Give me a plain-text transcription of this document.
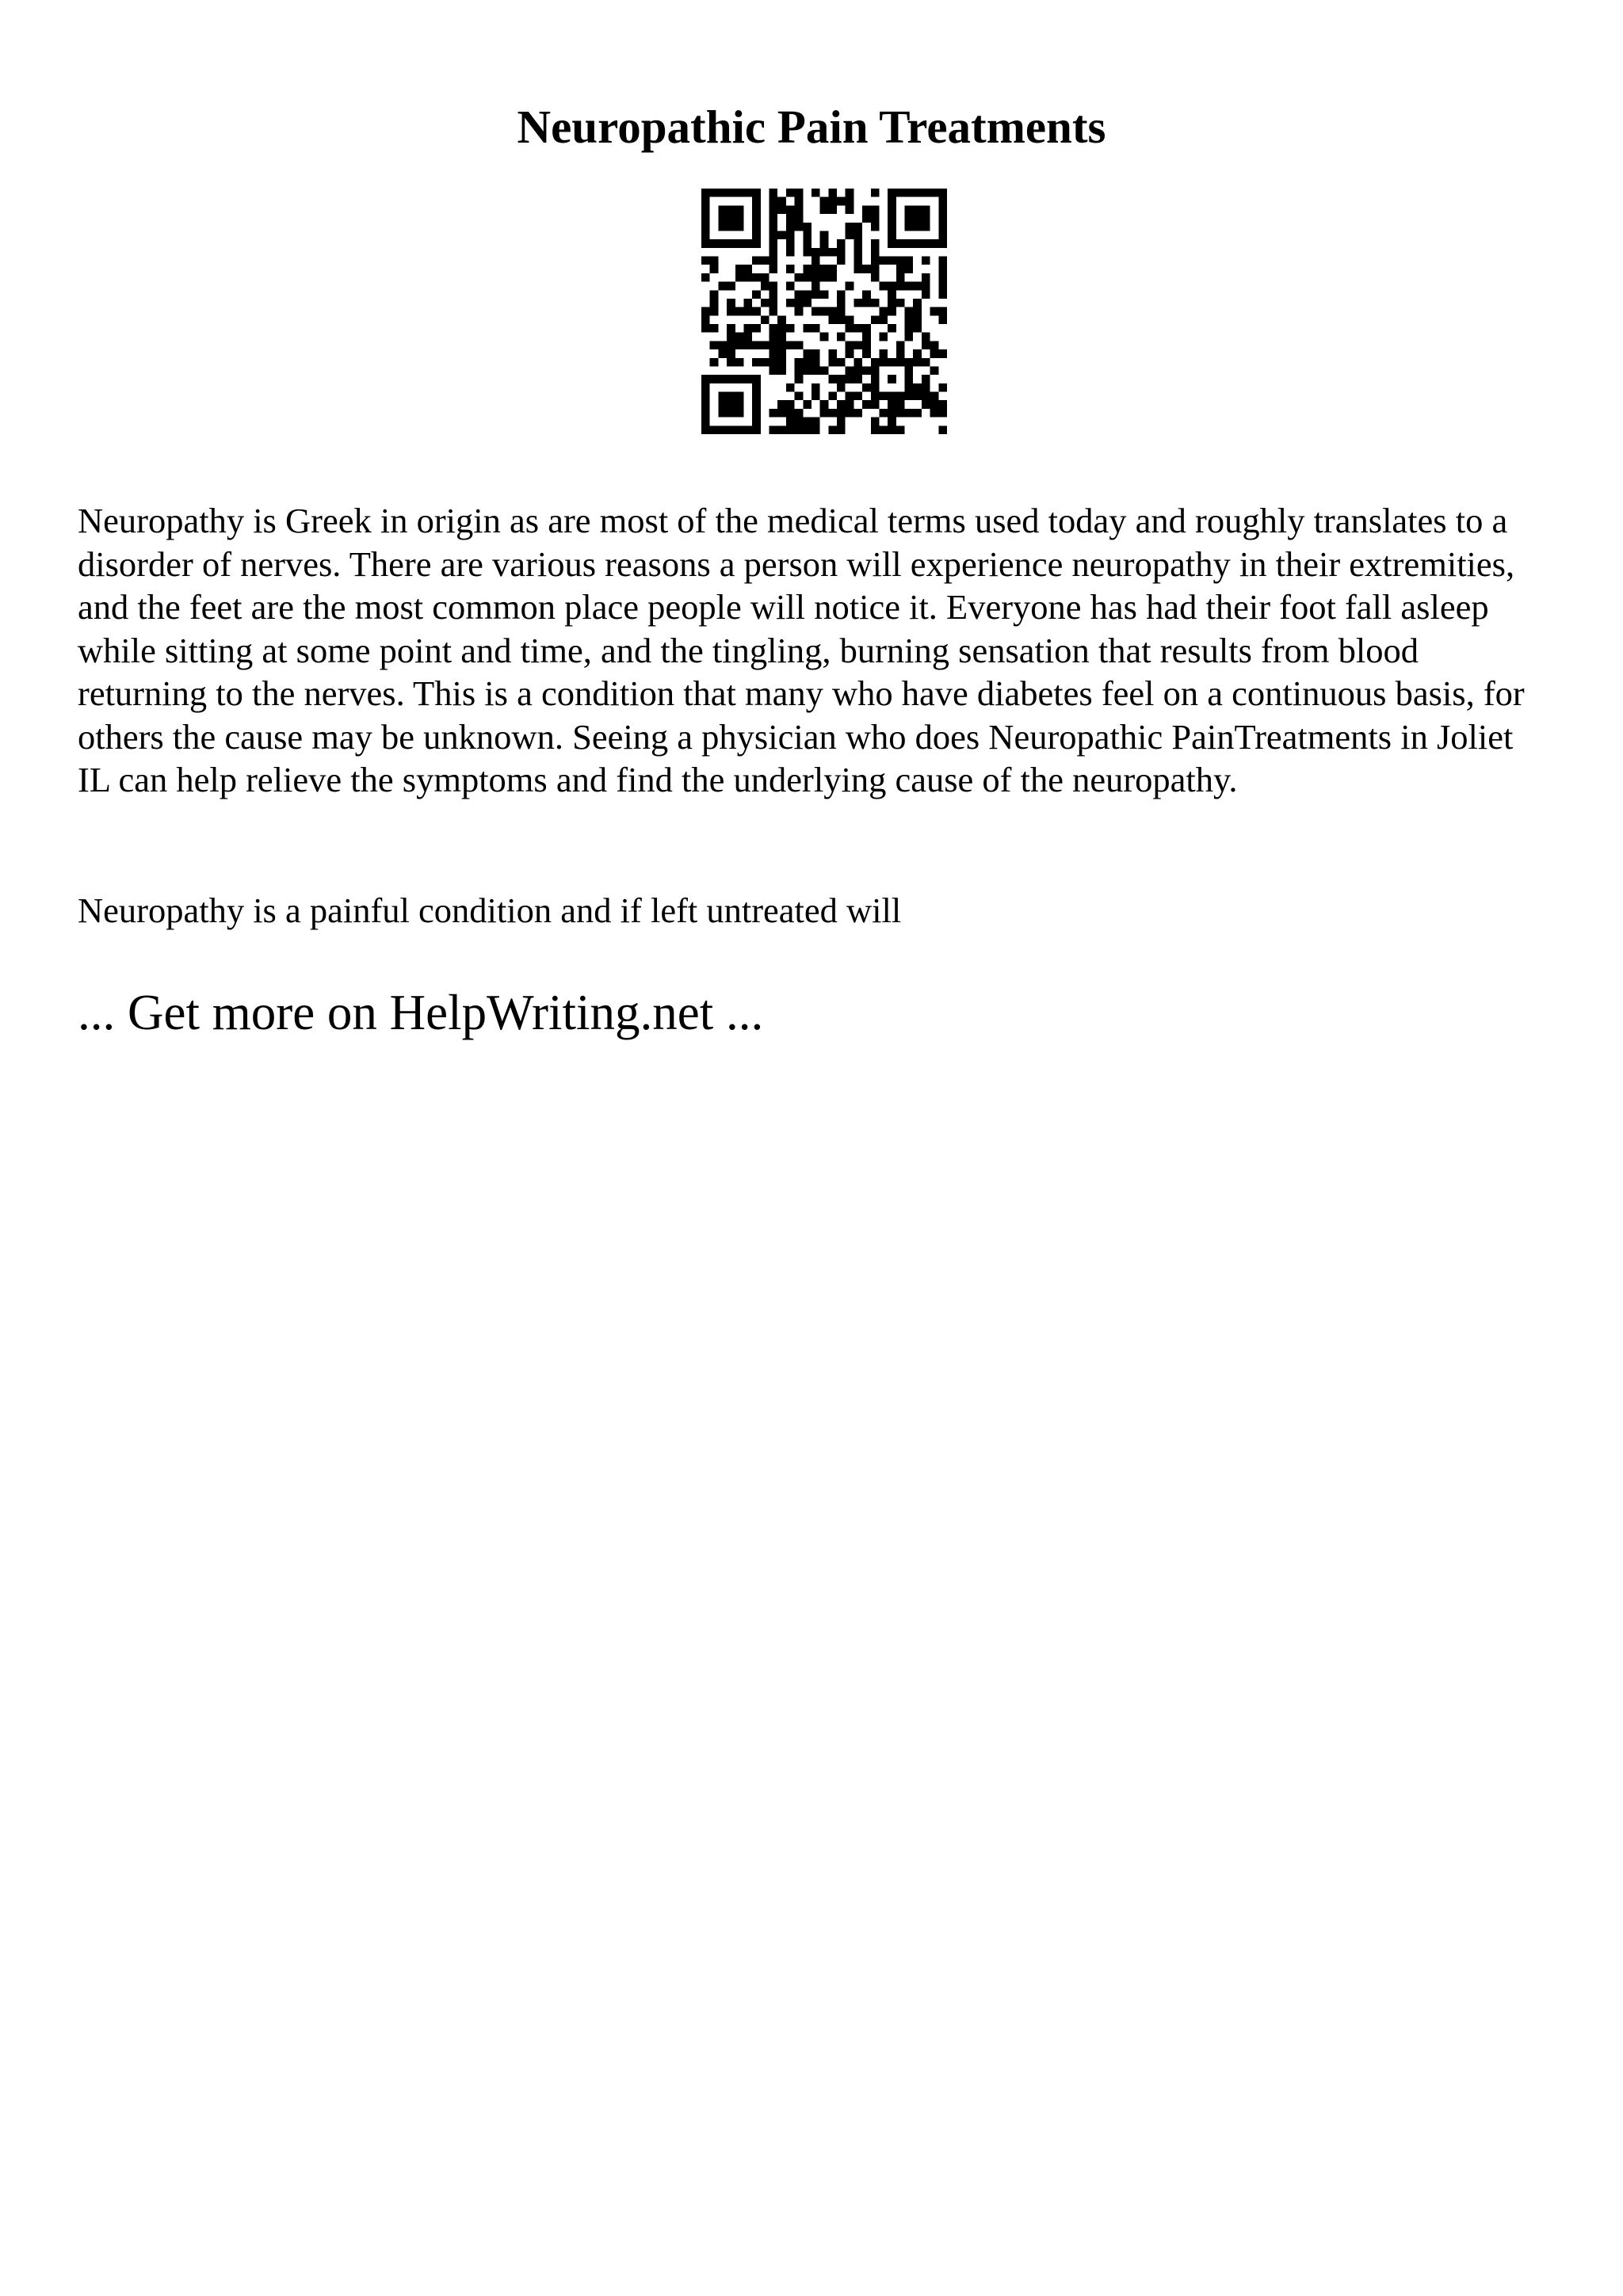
Neuropathic Pain Treatments

Neuropathy is Greek in origin as are most of the medical terms used today and roughly translates to a disorder of nerves. There are various reasons a person will experience neuropathy in their extremities, and the feet are the most common place people will notice it. Everyone has had their foot fall asleep while sitting at some point and time, and the tingling, burning sensation that results from blood returning to the nerves. This is a condition that many who have diabetes feel on a continuous basis, for others the cause may be unknown. Seeing a physician who does Neuropathic PainTreatments in Joliet IL can help relieve the symptoms and find the underlying cause of the neuropathy.

Neuropathy is a painful condition and if left untreated will

... Get more on HelpWriting.net ...
